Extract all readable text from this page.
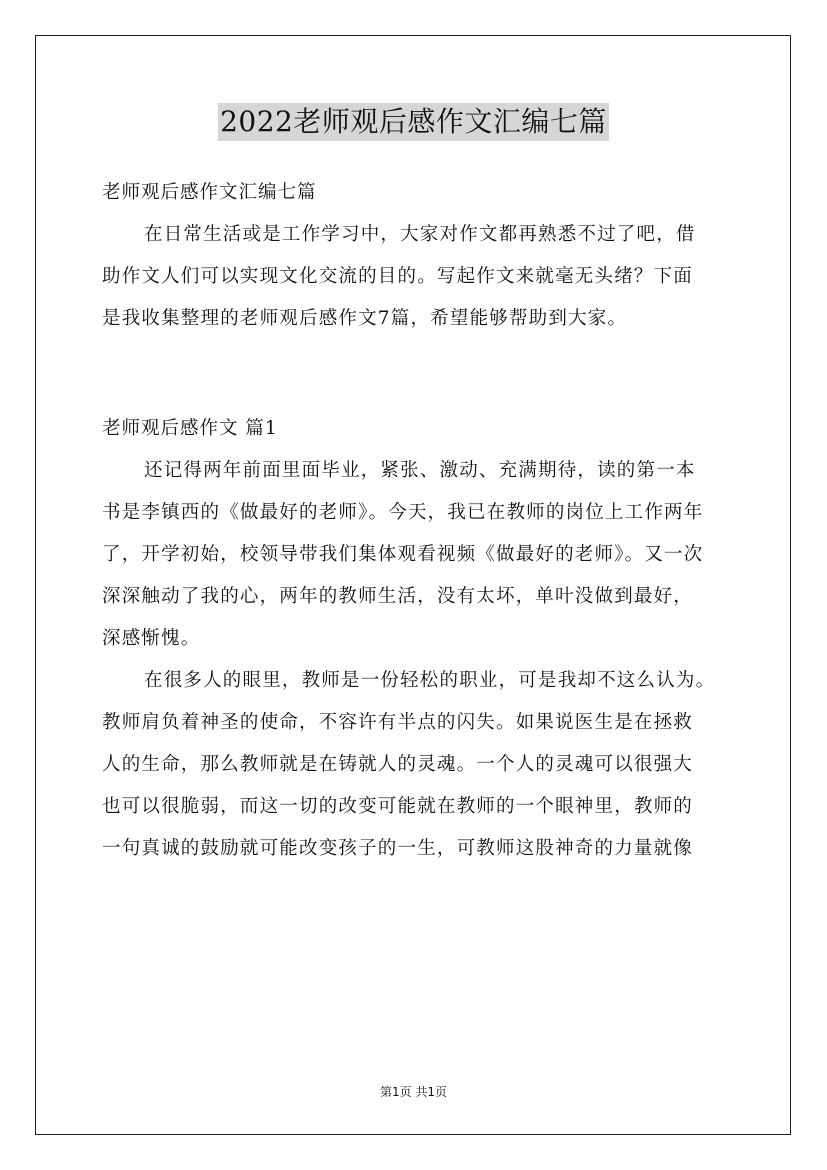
2022老师观后感作文汇编七篇
老师观后感作文汇编七篇
在日常生活或是工作学习中，大家对作文都再熟悉不过了吧，借
助作文人们可以实现文化交流的目的。写起作文来就毫无头绪？下面
是我收集整理的老师观后感作文7篇，希望能够帮助到大家。
老师观后感作文 篇1
还记得两年前面里面毕业，紧张、激动、充满期待，读的第一本
书是李镇西的《做最好的老师》。今天，我已在教师的岗位上工作两年
了，开学初始，校领导带我们集体观看视频《做最好的老师》。又一次
深深触动了我的心，两年的教师生活，没有太坏，单叶没做到最好，
深感惭愧。
在很多人的眼里，教师是一份轻松的职业，可是我却不这么认为。
教师肩负着神圣的使命，不容许有半点的闪失。如果说医生是在拯救
人的生命，那么教师就是在铸就人的灵魂。一个人的灵魂可以很强大
也可以很脆弱，而这一切的改变可能就在教师的一个眼神里，教师的
一句真诚的鼓励就可能改变孩子的一生，可教师这股神奇的力量就像
第1页 共1页
